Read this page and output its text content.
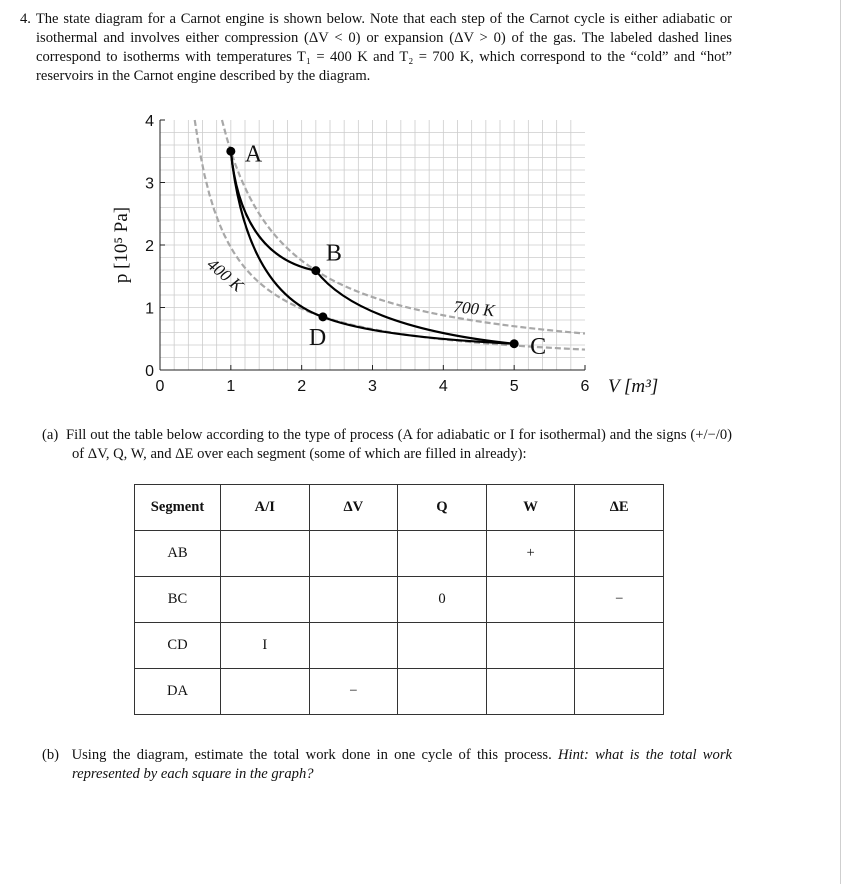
4. The state diagram for a Carnot engine is shown below. Note that each step of the Carnot cycle is either adiabatic or isothermal and involves either compression (ΔV < 0) or expansion (ΔV > 0) of the gas. The labeled dashed lines correspond to isotherms with temperatures T₁ = 400 K and T₂ = 700 K, which correspond to the “cold” and “hot” reservoirs in the Carnot engine described by the diagram.
0	1	2	3	4	5	6
0
1
2
3
4
V [m³]
p [10⁵ Pa]
A
B
C
D
400 K
700 K
(a) Fill out the table below according to the type of process (A for adiabatic or I for isothermal) and the signs (+/−/0) of ΔV, Q, W, and ΔE over each segment (some of which are filled in already):
Segment	A/I	ΔV	Q	W	ΔE
AB				+	
BC			0		−
CD	I				
DA		−			
(b) Using the diagram, estimate the total work done in one cycle of this process. Hint: what is the total work represented by each square in the graph?
